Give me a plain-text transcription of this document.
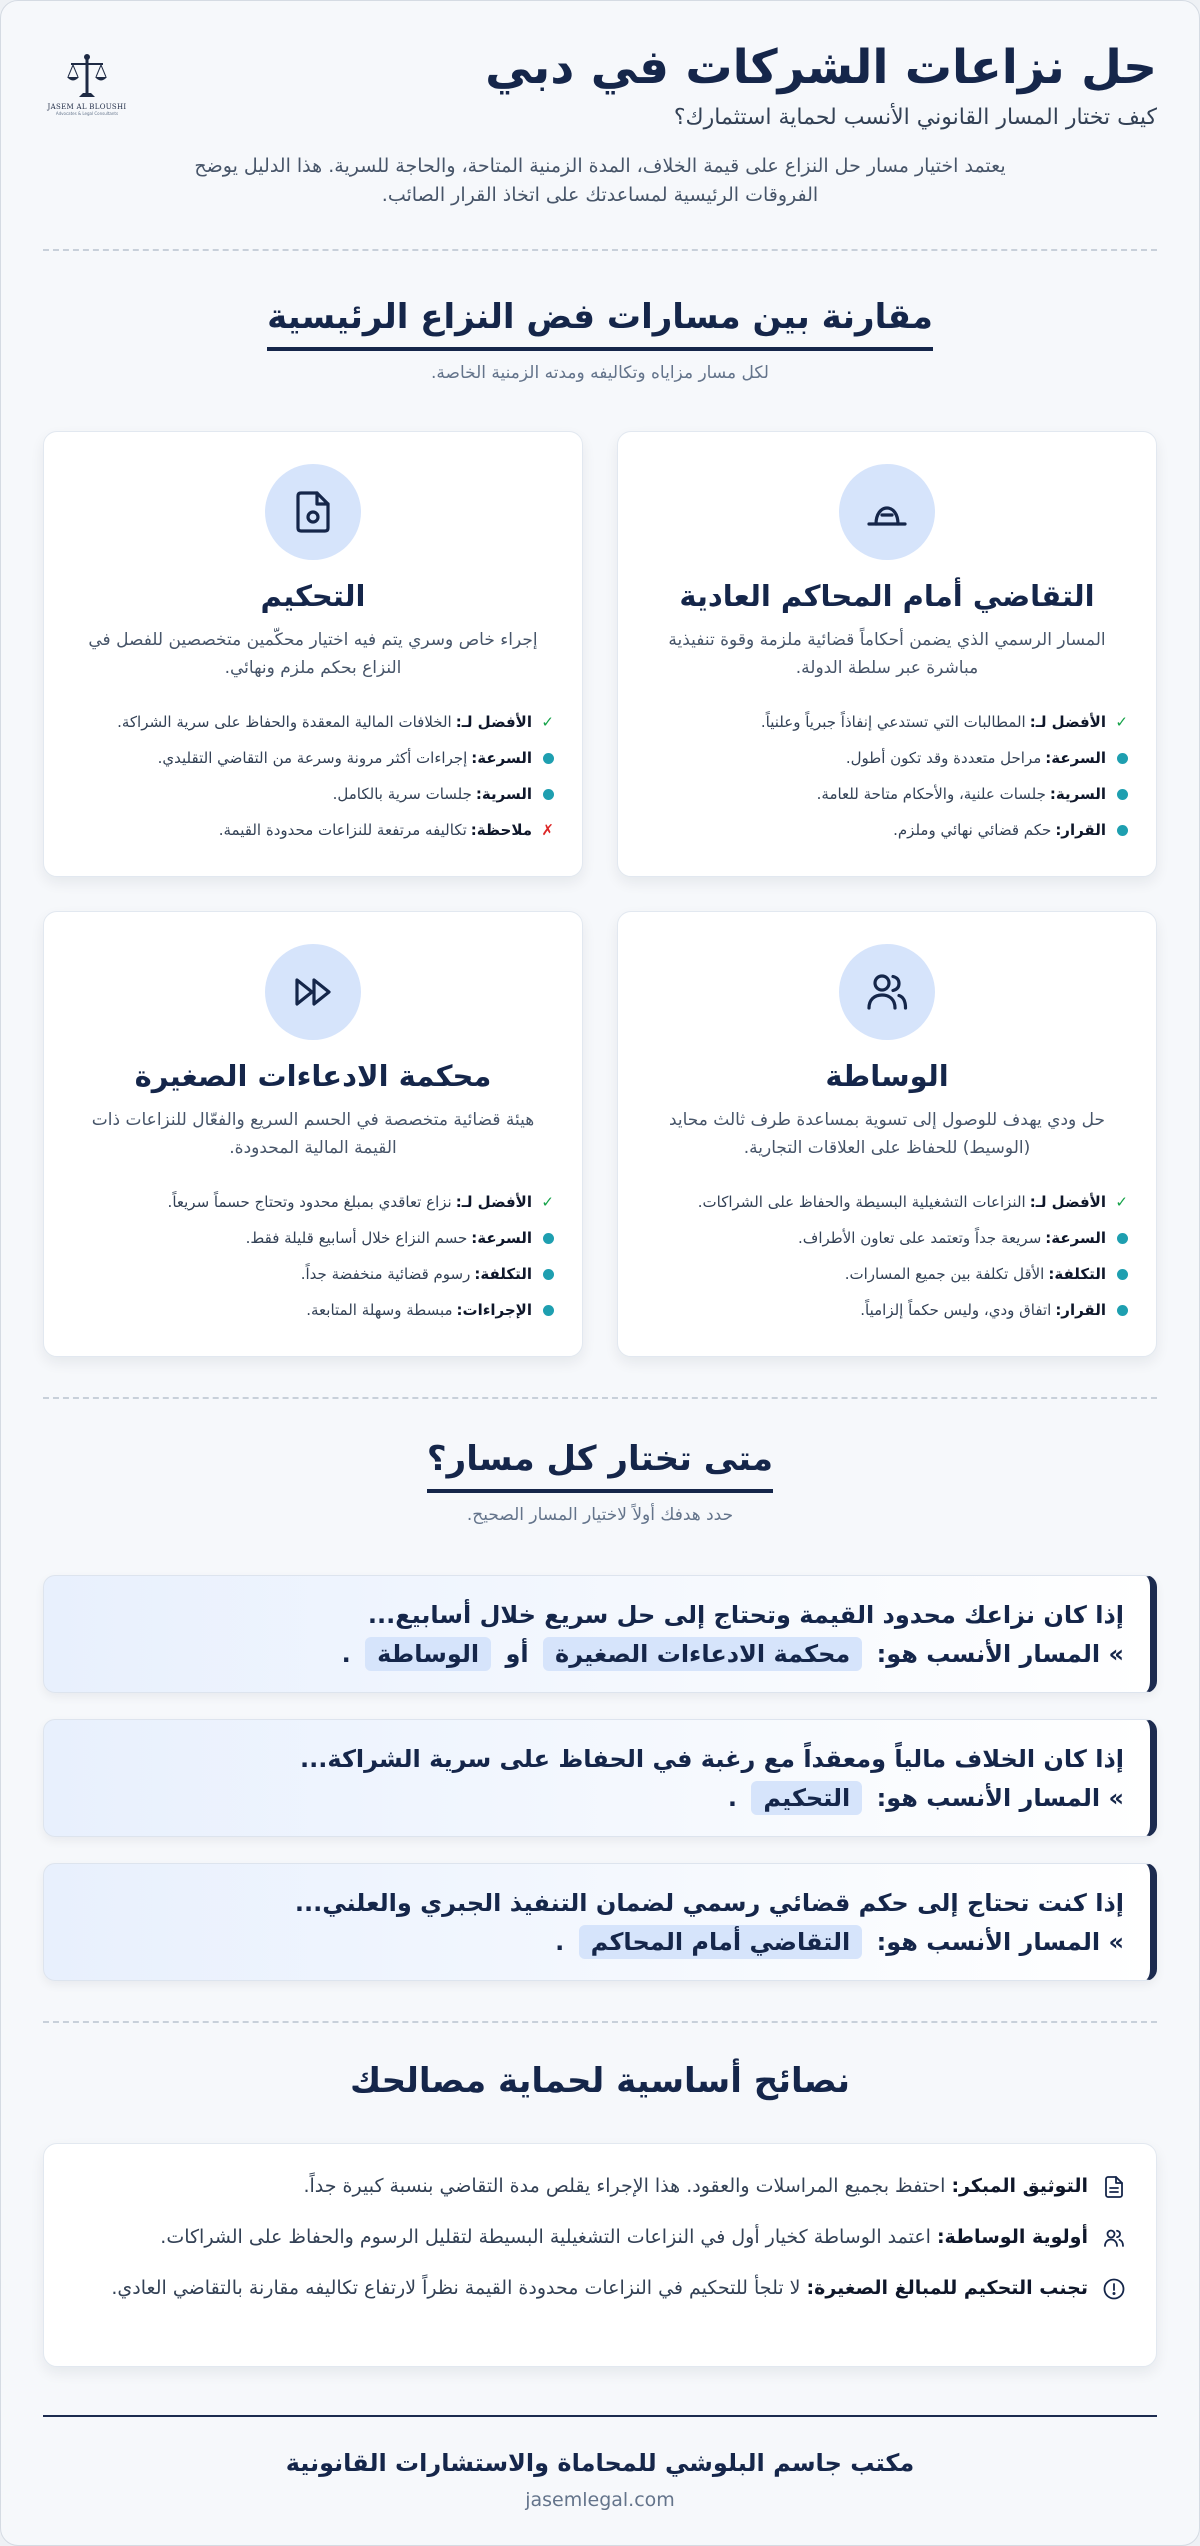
JASEM AL BLOUSHI
Advocates & Legal Consultants
حل نزاعات الشركات في دبي
كيف تختار المسار القانوني الأنسب لحماية استثمارك؟

يعتمد اختيار مسار حل النزاع على قيمة الخلاف، المدة الزمنية المتاحة، والحاجة للسرية. هذا الدليل يوضح الفروقات الرئيسية لمساعدتك على اتخاذ القرار الصائب.

مقارنة بين مسارات فض النزاع الرئيسية
لكل مسار مزاياه وتكاليفه ومدته الزمنية الخاصة.
التقاضي أمام المحاكم العادية
المسار الرسمي الذي يضمن أحكاماً قضائية ملزمة وقوة تنفيذية مباشرة عبر سلطة الدولة.
✓
الأفضل لـ:
المطالبات التي تستدعي إنفاذاً جبرياً وعلنياً.
السرعة:
مراحل متعددة وقد تكون أطول.
السرية:
جلسات علنية، والأحكام متاحة للعامة.
القرار:
حكم قضائي نهائي وملزم.
التحكيم
إجراء خاص وسري يتم فيه اختيار محكّمين متخصصين للفصل في النزاع بحكم ملزم ونهائي.
✓
الأفضل لـ:
الخلافات المالية المعقدة والحفاظ على سرية الشراكة.
السرعة:
إجراءات أكثر مرونة وسرعة من التقاضي التقليدي.
السرية:
جلسات سرية بالكامل.
✗
ملاحظة:
تكاليفه مرتفعة للنزاعات محدودة القيمة.
الوساطة
حل ودي يهدف للوصول إلى تسوية بمساعدة طرف ثالث محايد (الوسيط) للحفاظ على العلاقات التجارية.
✓
الأفضل لـ:
النزاعات التشغيلية البسيطة والحفاظ على الشراكات.
السرعة:
سريعة جداً وتعتمد على تعاون الأطراف.
التكلفة:
الأقل تكلفة بين جميع المسارات.
القرار:
اتفاق ودي، وليس حكماً إلزامياً.
محكمة الادعاءات الصغيرة
هيئة قضائية متخصصة في الحسم السريع والفعّال للنزاعات ذات القيمة المالية المحدودة.
✓
الأفضل لـ:
نزاع تعاقدي بمبلغ محدود وتحتاج حسماً سريعاً.
السرعة:
حسم النزاع خلال أسابيع قليلة فقط.
التكلفة:
رسوم قضائية منخفضة جداً.
الإجراءات:
مبسطة وسهلة المتابعة.
متى تختار كل مسار؟
حدد هدفك أولاً لاختيار المسار الصحيح.
إذا كان نزاعك محدود القيمة وتحتاج إلى حل سريع خلال أسابيع...
» المسار الأنسب هو: محكمة الادعاءات الصغيرة أو الوساطة .
إذا كان الخلاف مالياً ومعقداً مع رغبة في الحفاظ على سرية الشراكة...
» المسار الأنسب هو: التحكيم .
إذا كنت تحتاج إلى حكم قضائي رسمي لضمان التنفيذ الجبري والعلني...
» المسار الأنسب هو: التقاضي أمام المحاكم .
نصائح أساسية لحماية مصالحك
التوثيق المبكر:احتفظ بجميع المراسلات والعقود. هذا الإجراء يقلص مدة التقاضي بنسبة كبيرة جداً.
أولوية الوساطة:اعتمد الوساطة كخيار أول في النزاعات التشغيلية البسيطة لتقليل الرسوم والحفاظ على الشراكات.
تجنب التحكيم للمبالغ الصغيرة:لا تلجأ للتحكيم في النزاعات محدودة القيمة نظراً لارتفاع تكاليفه مقارنة بالتقاضي العادي.
مكتب جاسم البلوشي للمحاماة والاستشارات القانونية
jasemlegal.com
